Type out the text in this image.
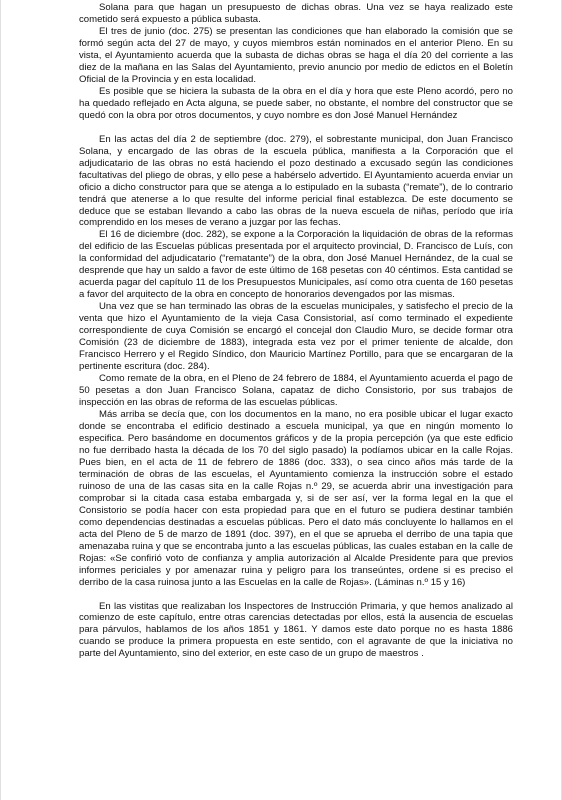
Solana para que hagan un presupuesto de dichas obras. Una vez se haya realizado este cometido será expuesto a pública subasta.

El tres de junio (doc. 275) se presentan las condiciones que han elaborado la comisión que se formó según acta del 27 de mayo, y cuyos miembros están nominados en el anterior Pleno. En su vista, el Ayuntamiento acuerda que la subasta de dichas obras se haga el día 20 del corriente a las diez de la mañana en las Salas del Ayuntamiento, previo anuncio por medio de edictos en el Boletín Oficial de la Provincia y en esta localidad.

Es posible que se hiciera la subasta de la obra en el día y hora que este Pleno acordó, pero no ha quedado reflejado en Acta alguna, se puede saber, no obstante, el nombre del constructor que se quedó con la obra por otros documentos, y cuyo nombre es don José Manuel Hernández

En las actas del día 2 de septiembre (doc. 279), el sobrestante municipal, don Juan Francisco Solana, y encargado de las obras de la escuela pública, manifiesta a la Corporación que el adjudicatario de las obras no está haciendo el pozo destinado a excusado según las condiciones facultativas del pliego de obras, y ello pese a habérselo advertido. El Ayuntamiento acuerda enviar un oficio a dicho constructor para que se atenga a lo estipulado en la subasta (“remate”), de lo contrario tendrá que atenerse a lo que resulte del informe pericial final establezca. De este documento se deduce que se estaban llevando a cabo las obras de la nueva escuela de niñas, período que iría comprendido en los meses de verano a juzgar por las fechas.

El 16 de diciembre (doc. 282), se expone a la Corporación la liquidación de obras de la reformas del edificio de las Escuelas públicas presentada por el arquitecto provincial, D. Francisco de Luís, con la conformidad del adjudicatario (“rematante”) de la obra, don José Manuel Hernández, de la cual se desprende que hay un saldo a favor de este último de 168 pesetas con 40 céntimos. Esta cantidad se acuerda pagar del capítulo 11 de los Presupuestos Municipales, así como otra cuenta de 160 pesetas a favor del arquitecto de la obra en concepto de honorarios devengados por las mismas.

Una vez que se han terminado las obras de la escuelas municipales, y satisfecho el precio de la venta que hizo el Ayuntamiento de la vieja Casa Consistorial, así como terminado el expediente correspondiente de cuya Comisión se encargó el concejal don Claudio Muro, se decide formar otra Comisión (23 de diciembre de 1883), integrada esta vez por el primer teniente de alcalde, don Francisco Herrero y el Regido Síndico, don Mauricio Martínez Portillo, para que se encargaran de la pertinente escritura (doc. 284).

Como remate de la obra, en el Pleno de 24 febrero de 1884, el Ayuntamiento acuerda el pago de 50 pesetas a don Juan Francisco Solana, capataz de dicho Consistorio, por sus trabajos de inspección en las obras de reforma de las escuelas públicas.

Más arriba se decía que, con los documentos en la mano, no era posible ubicar el lugar exacto donde se encontraba el edificio destinado a escuela municipal, ya que en ningún momento lo especifica. Pero basándome en documentos gráficos y de la propia percepción (ya que este edficio no fue derribado hasta la década de los 70 del siglo pasado) la podíamos ubicar en la calle Rojas. Pues bien, en el acta de 11 de febrero de 1886 (doc. 333), o sea cinco años más tarde de la terminación de obras de las escuelas, el Ayuntamiento comienza la instrucción sobre el estado ruinoso de una de las casas sita en la calle Rojas n.º 29, se acuerda abrir una investigación para comprobar si la citada casa estaba embargada y, si de ser así, ver la forma legal en la que el Consistorio se podía hacer con esta propiedad para que en el futuro se pudiera destinar también como dependencias destinadas a escuelas públicas. Pero el dato más concluyente lo hallamos en el acta del Pleno de 5 de marzo de 1891 (doc. 397), en el que se aprueba el derribo de una tapia que amenazaba ruina y que se encontraba junto a las escuelas públicas, las cuales estaban en la calle de Rojas: «Se confirió voto de confianza y amplia autorización al Alcalde Presidente para que previos informes periciales y por amenazar ruina y peligro para los transeúntes, ordene si es preciso el derribo de la casa ruinosa junto a las Escuelas en la calle de Rojas». (Láminas n.º 15 y 16)

En las vistitas que realizaban los Inspectores de Instrucción Primaria, y que hemos analizado al comienzo de este capítulo, entre otras carencias detectadas por ellos, está la ausencia de escuelas para párvulos, hablamos de los años 1851 y 1861. Y damos este dato porque no es hasta 1886 cuando se produce la primera propuesta en este sentido, con el agravante de que la iniciativa no parte del Ayuntamiento, sino del exterior, en este caso de un grupo de maestros .
